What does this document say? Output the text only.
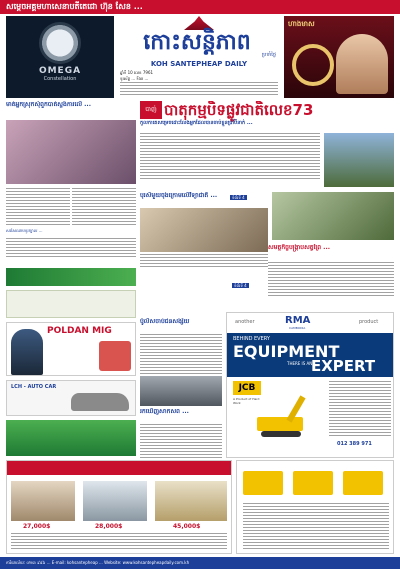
សម្តេចអគ្គមហាសេនាបតីតេជោ ហ៊ុន សែន ...
OMEGA
Constellation
កោះសន្តិភាព	ប្រចាំថ្ងៃ
KOH SANTEPHEAP DAILY
ឆ្នាំទី 10 លេខ 7961
ទូរស័ព្ទ ... Fax ...
ហាងមាស
មាត់អ្នកស្រុកសុំពួកបាត់ស្ទង់ការលើ ...
បាញ់ បាតុកម្មបិទផ្លូវជាតិលេខ73
កូលកាគេសម្រេចដោះលែងអ្នកដែលបានចាប់ខ្លួនប្រាំបីនាក់ ...
សរសៃឈាមខួរក្បាល ...
ទំព័រទី 4
បុរសិមួយចុងក្រោមលើវិទ្យាជាតិ ...
ទំព័រទី 4
សមត្ថកិច្ចបង្ក្រាបសត្វព្រៃ ...
POLDAN MIG
LCH - AUTO CAR
ប៉ូលីសចាប់ជនសង្ស័យ
រកឃើញសាកសព ...
another	RMA
CAMBODIA
product
BEHIND EVERY
EQUIPMENT
THERE IS AN
EXPERT
JCB
A Product of Hard Work
012 389 971
27,000$	28,000$	45,000$
ការិយាល័យ: ០២៣ ៩៨៦ ... E-mail: kohsantepheap ... Website: www.kohsantepheapdaily.com.kh
